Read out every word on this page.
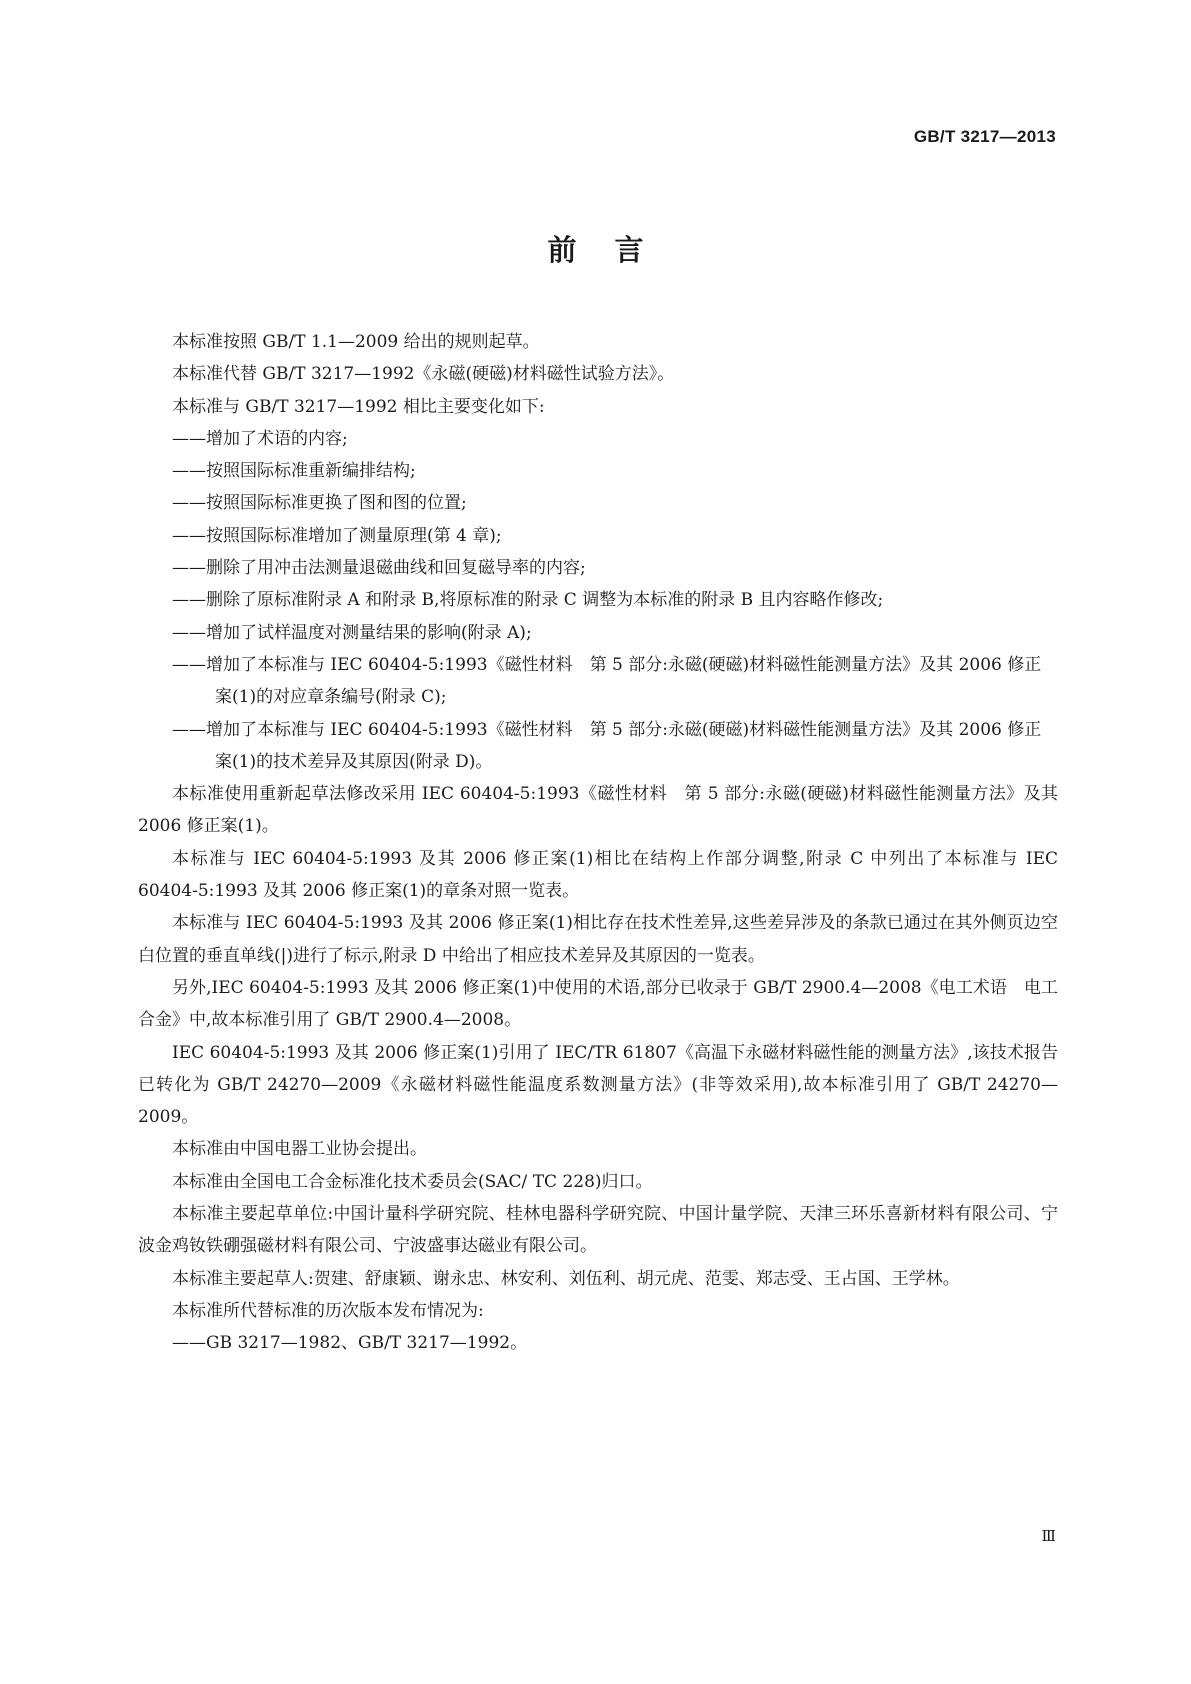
GB/T 3217—2013
前言

本标准按照 GB/T 1.1—2009 给出的规则起草。

本标准代替 GB/T 3217—1992《永磁(硬磁)材料磁性试验方法》。

本标准与 GB/T 3217—1992 相比主要变化如下:

——增加了术语的内容;

——按照国际标准重新编排结构;

——按照国际标准更换了图和图的位置;

——按照国际标准增加了测量原理(第 4 章);

——删除了用冲击法测量退磁曲线和回复磁导率的内容;

——删除了原标准附录 A 和附录 B,将原标准的附录 C 调整为本标准的附录 B 且内容略作修改;

——增加了试样温度对测量结果的影响(附录 A);

——增加了本标准与 IEC 60404-5:1993《磁性材料　第 5 部分:永磁(硬磁)材料磁性能测量方法》及其 2006 修正案(1)的对应章条编号(附录 C);

——增加了本标准与 IEC 60404-5:1993《磁性材料　第 5 部分:永磁(硬磁)材料磁性能测量方法》及其 2006 修正案(1)的技术差异及其原因(附录 D)。

本标准使用重新起草法修改采用 IEC 60404-5:1993《磁性材料　第 5 部分:永磁(硬磁)材料磁性能测量方法》及其 2006 修正案(1)。

本标准与 IEC 60404-5:1993 及其 2006 修正案(1)相比在结构上作部分调整,附录 C 中列出了本标准与 IEC 60404-5:1993 及其 2006 修正案(1)的章条对照一览表。

本标准与 IEC 60404-5:1993 及其 2006 修正案(1)相比存在技术性差异,这些差异涉及的条款已通过在其外侧页边空白位置的垂直单线(|)进行了标示,附录 D 中给出了相应技术差异及其原因的一览表。

另外,IEC 60404-5:1993 及其 2006 修正案(1)中使用的术语,部分已收录于 GB/T 2900.4—2008《电工术语　电工合金》中,故本标准引用了 GB/T 2900.4—2008。

IEC 60404-5:1993 及其 2006 修正案(1)引用了 IEC/TR 61807《高温下永磁材料磁性能的测量方法》,该技术报告已转化为 GB/T 24270—2009《永磁材料磁性能温度系数测量方法》(非等效采用),故本标准引用了 GB/T 24270—2009。

本标准由中国电器工业协会提出。

本标准由全国电工合金标准化技术委员会(SAC/ TC 228)归口。

本标准主要起草单位:中国计量科学研究院、桂林电器科学研究院、中国计量学院、天津三环乐喜新材料有限公司、宁波金鸡钕铁硼强磁材料有限公司、宁波盛事达磁业有限公司。

本标准主要起草人:贺建、舒康颖、谢永忠、林安利、刘伍利、胡元虎、范雯、郑志受、王占国、王学林。

本标准所代替标准的历次版本发布情况为:

——GB 3217—1982、GB/T 3217—1992。

Ⅲ
